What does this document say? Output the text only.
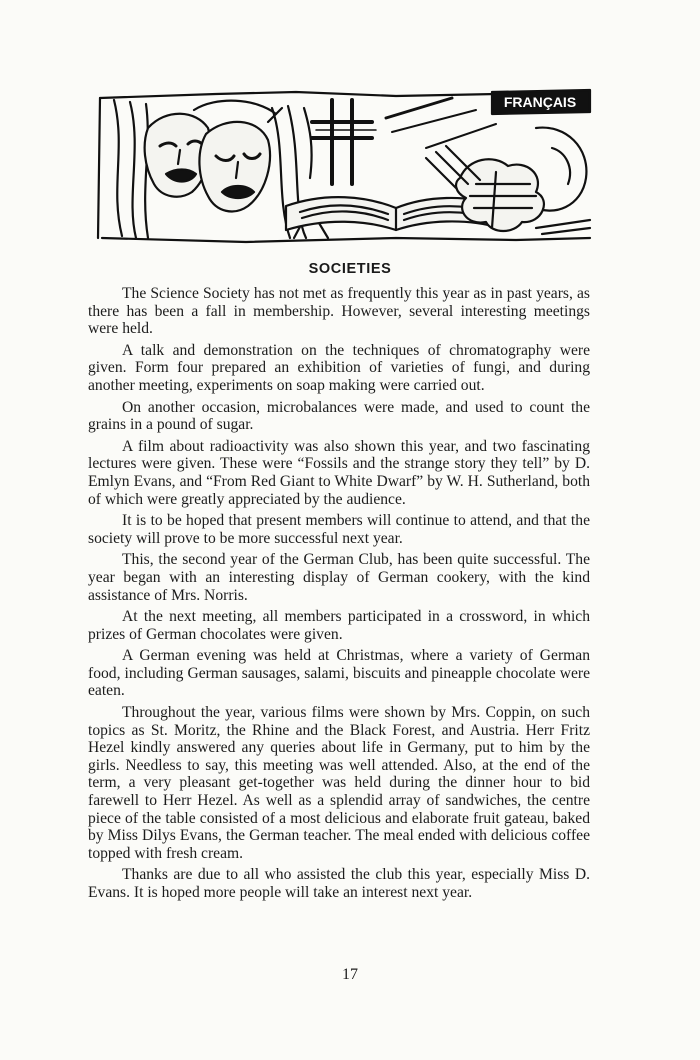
FRANÇAIS
SOCIETIES

The Science Society has not met as frequently this year as in past years, as there has been a fall in membership. However, several interesting meetings were held.

A talk and demonstration on the techniques of chromatography were given. Form four prepared an exhibition of varieties of fungi, and during another meeting, experiments on soap making were carried out.

On another occasion, microbalances were made, and used to count the grains in a pound of sugar.

A film about radioactivity was also shown this year, and two fascinating lectures were given. These were “Fossils and the strange story they tell” by D. Emlyn Evans, and “From Red Giant to White Dwarf” by W. H. Sutherland, both of which were greatly appreciated by the audience.

It is to be hoped that present members will continue to attend, and that the society will prove to be more successful next year.

This, the second year of the German Club, has been quite successful. The year began with an interesting display of German cookery, with the kind assistance of Mrs. Norris.

At the next meeting, all members participated in a crossword, in which prizes of German chocolates were given.

A German evening was held at Christmas, where a variety of German food, including German sausages, salami, biscuits and pineapple chocolate were eaten.

Throughout the year, various films were shown by Mrs. Coppin, on such topics as St. Moritz, the Rhine and the Black Forest, and Austria. Herr Fritz Hezel kindly answered any queries about life in Germany, put to him by the girls. Needless to say, this meeting was well attended. Also, at the end of the term, a very pleasant get-together was held during the dinner hour to bid farewell to Herr Hezel. As well as a splendid array of sandwiches, the centre piece of the table consisted of a most delicious and elaborate fruit gateau, baked by Miss Dilys Evans, the German teacher. The meal ended with delicious coffee topped with fresh cream.

Thanks are due to all who assisted the club this year, especially Miss D. Evans. It is hoped more people will take an interest next year.

17
